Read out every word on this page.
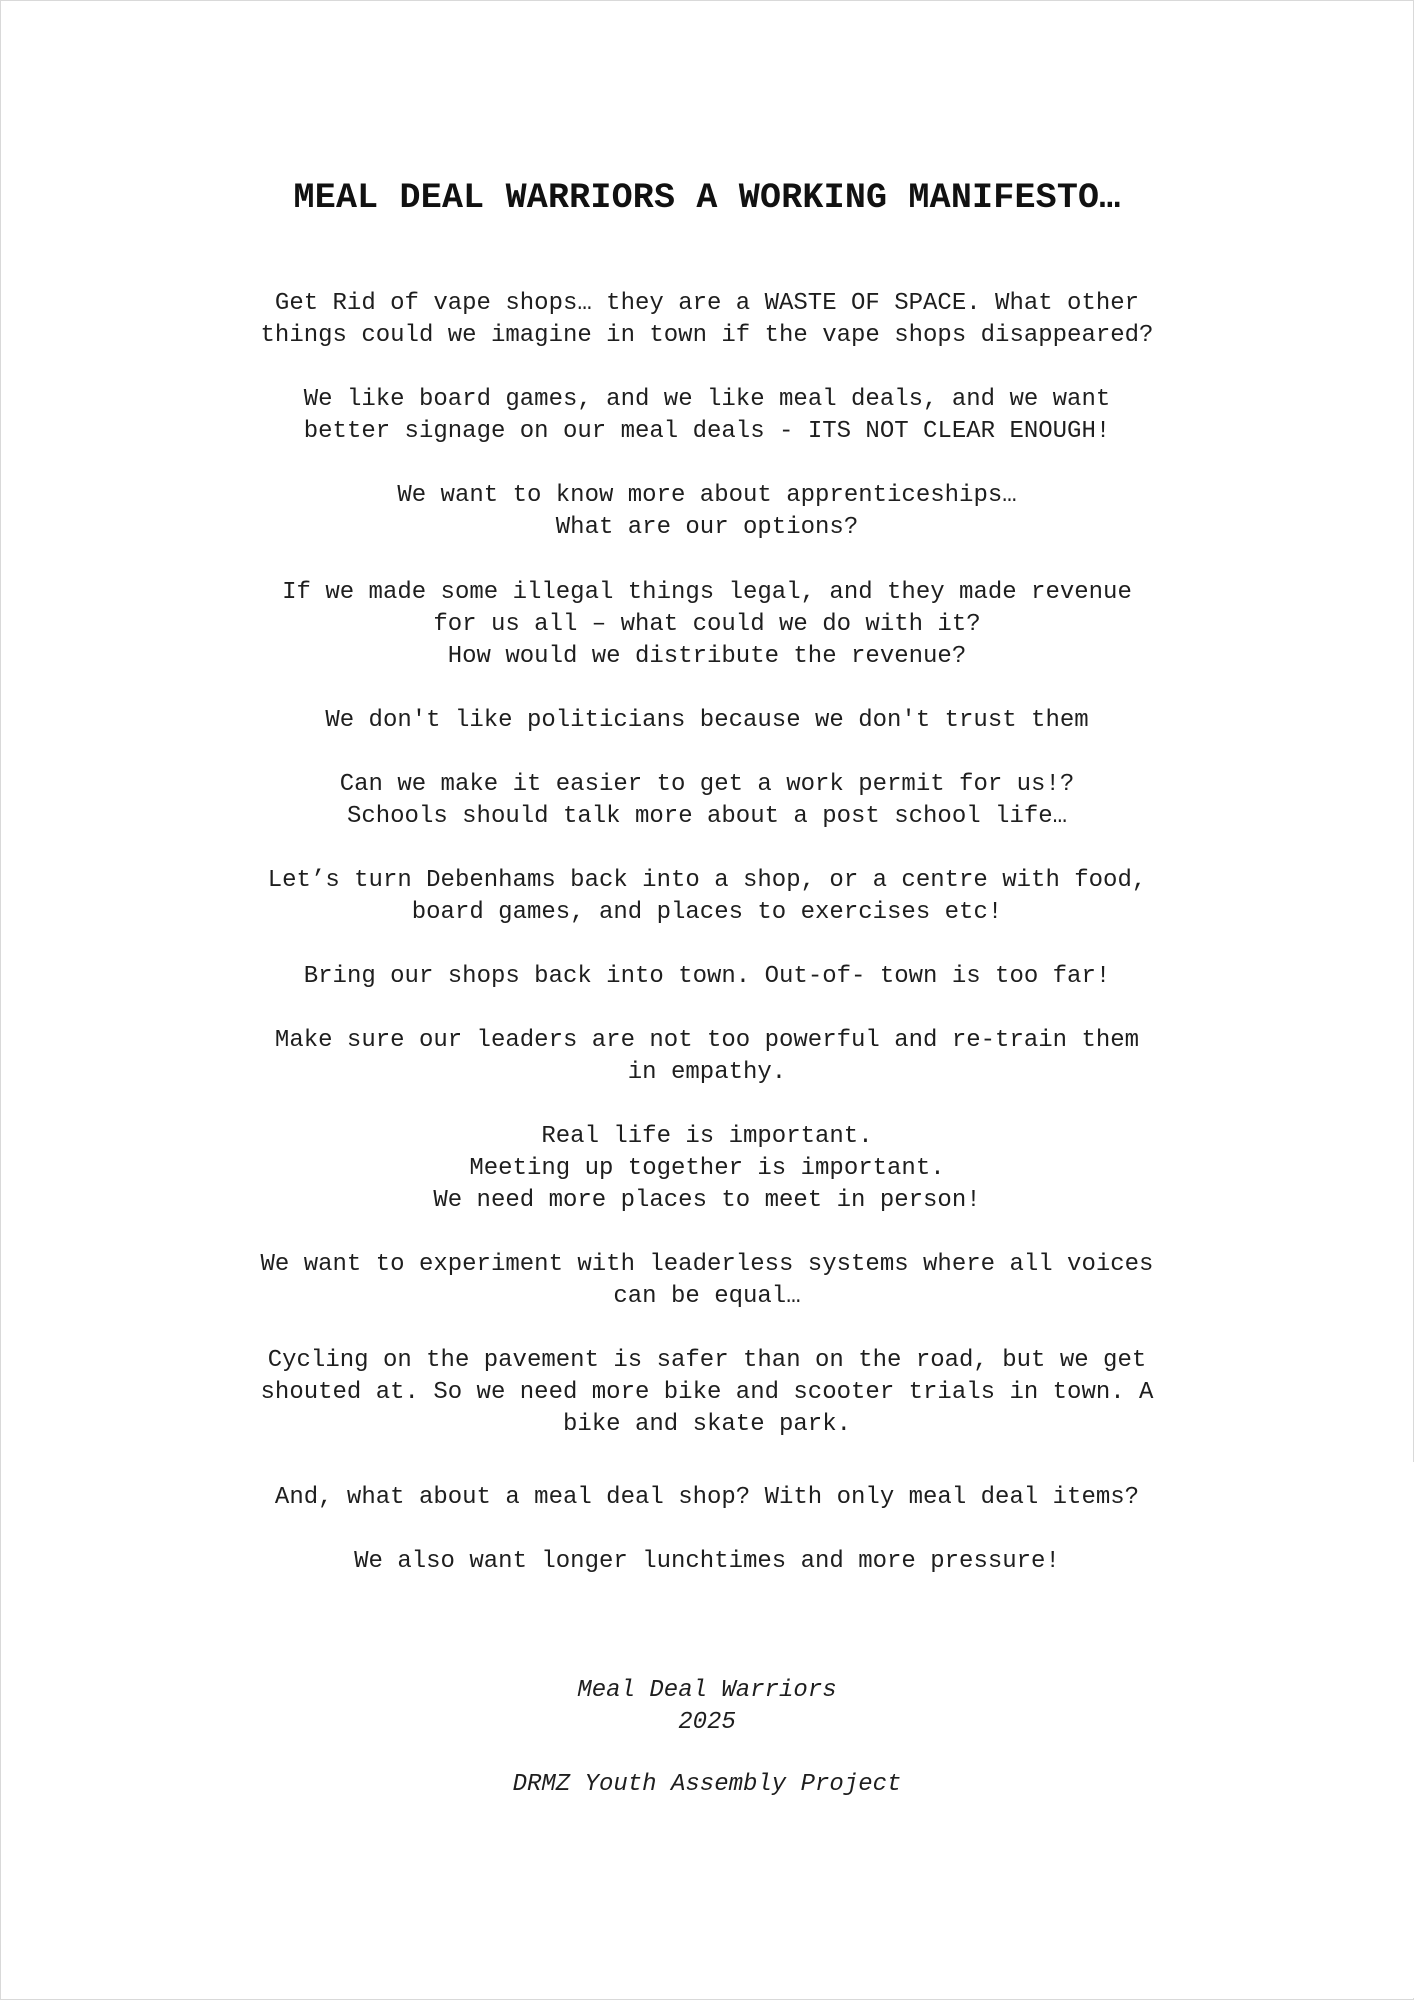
MEAL DEAL WARRIORS A WORKING MANIFESTO…

Get Rid of vape shops… they are a WASTE OF SPACE. What other
things could we imagine in town if the vape shops disappeared?

We like board games, and we like meal deals, and we want
better signage on our meal deals - ITS NOT CLEAR ENOUGH!

We want to know more about apprenticeships…
What are our options?

If we made some illegal things legal, and they made revenue
for us all – what could we do with it?
How would we distribute the revenue?

We don't like politicians because we don't trust them

Can we make it easier to get a work permit for us!?
Schools should talk more about a post school life…

Let’s turn Debenhams back into a shop, or a centre with food,
board games, and places to exercises etc!

Bring our shops back into town. Out-of- town is too far!

Make sure our leaders are not too powerful and re-train them
in empathy.

Real life is important.
Meeting up together is important.
We need more places to meet in person!

We want to experiment with leaderless systems where all voices
can be equal…

Cycling on the pavement is safer than on the road, but we get
shouted at. So we need more bike and scooter trials in town. A
bike and skate park.

And, what about a meal deal shop? With only meal deal items?

We also want longer lunchtimes and more pressure!

Meal Deal Warriors

2025

DRMZ Youth Assembly Project
